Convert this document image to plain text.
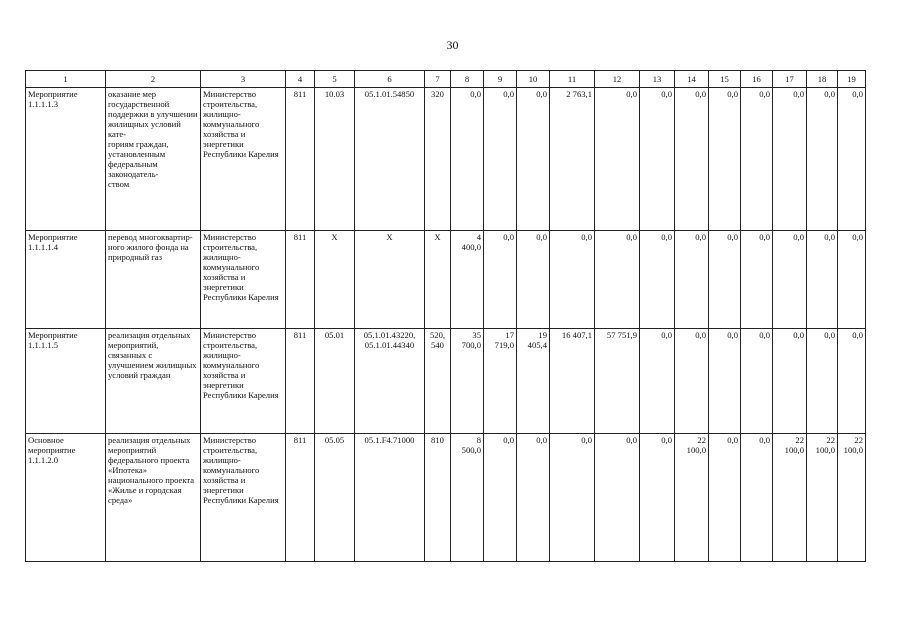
30
1	2	3	4	5	6	7	8	9	10	11	12	13	14	15	16	17	18	19
Мероприятие 1.1.1.1.3	оказание мер государственной поддержки в улучшении жилищных условий кате-
гориям граждан, установленным федеральным законодатель-
ством	Министерство строительства, жилищно-
коммунального хозяйства и энергетики Республики Карелия	811	10.03	05.1.01.54850	320	0,0	0,0	0,0	2 763,1	0,0	0,0	0,0	0,0	0,0	0,0	0,0	0,0
Мероприятие 1.1.1.1.4	перевод многоквартир-
ного жилого фонда на природный газ	Министерство строительства, жилищно-
коммунального хозяйства и энергетики Республики Карелия	811	Х	Х	Х	4
400,0	0,0	0,0	0,0	0,0	0,0	0,0	0,0	0,0	0,0	0,0	0,0
Мероприятие 1.1.1.1.5	реализация отдельных мероприятий, связанных с улучшением жилищных условий граждан	Министерство строительства, жилищно-
коммунального хозяйства и энергетики Республики Карелия	811	05.01	05.1.01.43220,
05.1.01.44340	520,
540	35
700,0	17
719,0	19
405,4	16 407,1	57 751,9	0,0	0,0	0,0	0,0	0,0	0,0	0,0
Основное мероприятие 1.1.1.2.0	реализация отдельных мероприятий федерального проекта «Ипотека» национального проекта «Жилье и городская среда»	Министерство строительства, жилищно-
коммунального хозяйства и энергетики Республики Карелия	811	05.05	05.1.F4.71000	810	8
500,0	0,0	0,0	0,0	0,0	0,0	22
100,0	0,0	0,0	22
100,0	22
100,0	22
100,0
